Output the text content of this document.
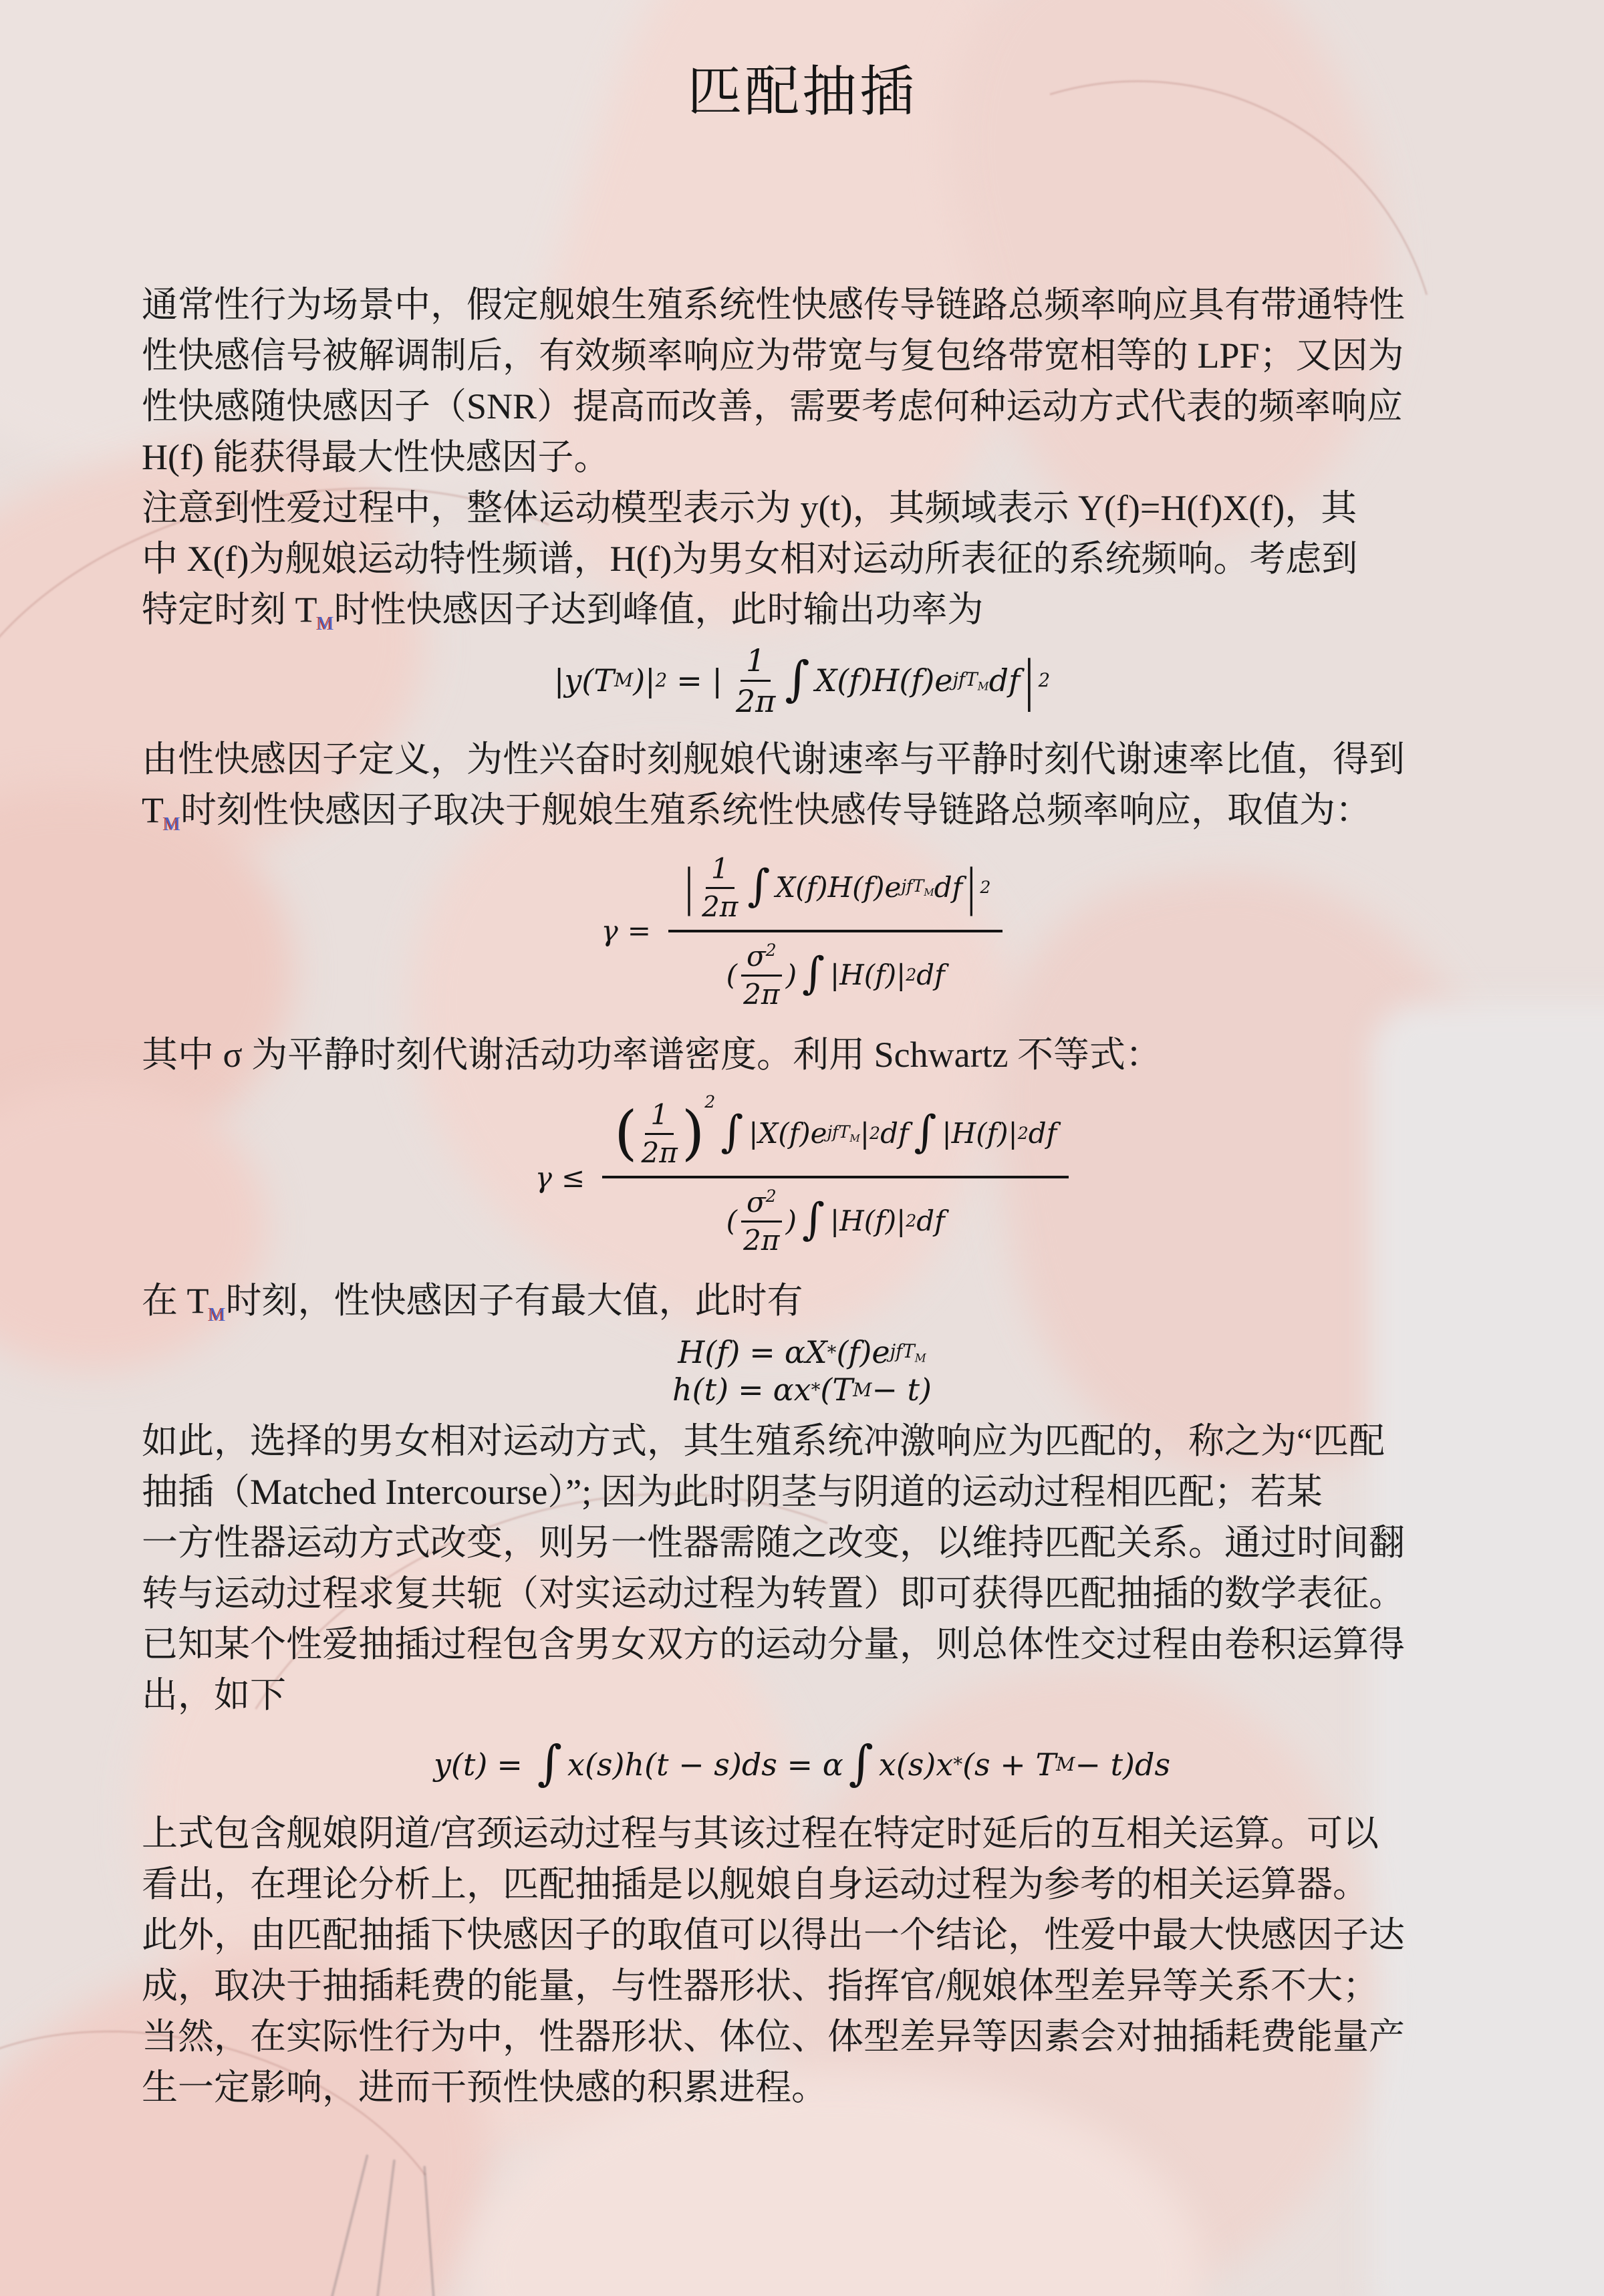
匹配抽插
通常性行为场景中，假定舰娘生殖系统性快感传导链路总频率响应具有带通特性
性快感信号被解调制后，有效频率响应为带宽与复包络带宽相等的 LPF；又因为
性快感随快感因子（SNR）提高而改善，需要考虑何种运动方式代表的频率响应
H(f) 能获得最大性快感因子。
注意到性爱过程中，整体运动模型表示为 y(t)，其频域表示 Y(f)=H(f)X(f)，其
中 X(f)为舰娘运动特性频谱，H(f)为男女相对运动所表征的系统频响。考虑到
特定时刻 $T_M$时性快感因子达到峰值，此时输出功率为
|y(T M )| 2 = | $\frac{1}{2\pi}$ ∫ X(f)H(f)e jfT$_M$ df | 2
由性快感因子定义，为性兴奋时刻舰娘代谢速率与平静时刻代谢速率比值，得到
$T_M$时刻性快感因子取决于舰娘生殖系统性快感传导链路总频率响应，取值为：
γ =
| $\frac{1}{2\pi}$ ∫ X(f)H(f)e jfT$_M$ df | 2
( $\frac{\sigma^2}{2\pi}$ ) ∫ |H(f)| 2 df
其中 σ 为平静时刻代谢活动功率谱密度。利用 Schwartz 不等式：
γ ≤
( $\frac{1}{2\pi}$ ) 2
∫ |X(f)e jfT$_M$ | 2 df ∫ |H(f)| 2 df
( $\frac{\sigma^2}{2\pi}$ ) ∫ |H(f)| 2 df
在 $T_M$时刻，性快感因子有最大值，此时有
H(f) = αX * (f)e jfT$_M$
h(t) = αx * (T M − t)
如此，选择的男女相对运动方式，其生殖系统冲激响应为匹配的，称之为“匹配
抽插（Matched Intercourse）”; 因为此时阴茎与阴道的运动过程相匹配；若某
一方性器运动方式改变，则另一性器需随之改变，以维持匹配关系。通过时间翻
转与运动过程求复共轭（对实运动过程为转置）即可获得匹配抽插的数学表征。
已知某个性爱抽插过程包含男女双方的运动分量，则总体性交过程由卷积运算得
出，如下
y(t) = ∫ x(s)h(t − s)ds = α ∫ x(s)x * (s + T M − t)ds
上式包含舰娘阴道/宫颈运动过程与其该过程在特定时延后的互相关运算。可以
看出，在理论分析上，匹配抽插是以舰娘自身运动过程为参考的相关运算器。
此外，由匹配抽插下快感因子的取值可以得出一个结论，性爱中最大快感因子达
成，取决于抽插耗费的能量，与性器形状、指挥官/舰娘体型差异等关系不大；
当然，在实际性行为中，性器形状、体位、体型差异等因素会对抽插耗费能量产
生一定影响，进而干预性快感的积累进程。
